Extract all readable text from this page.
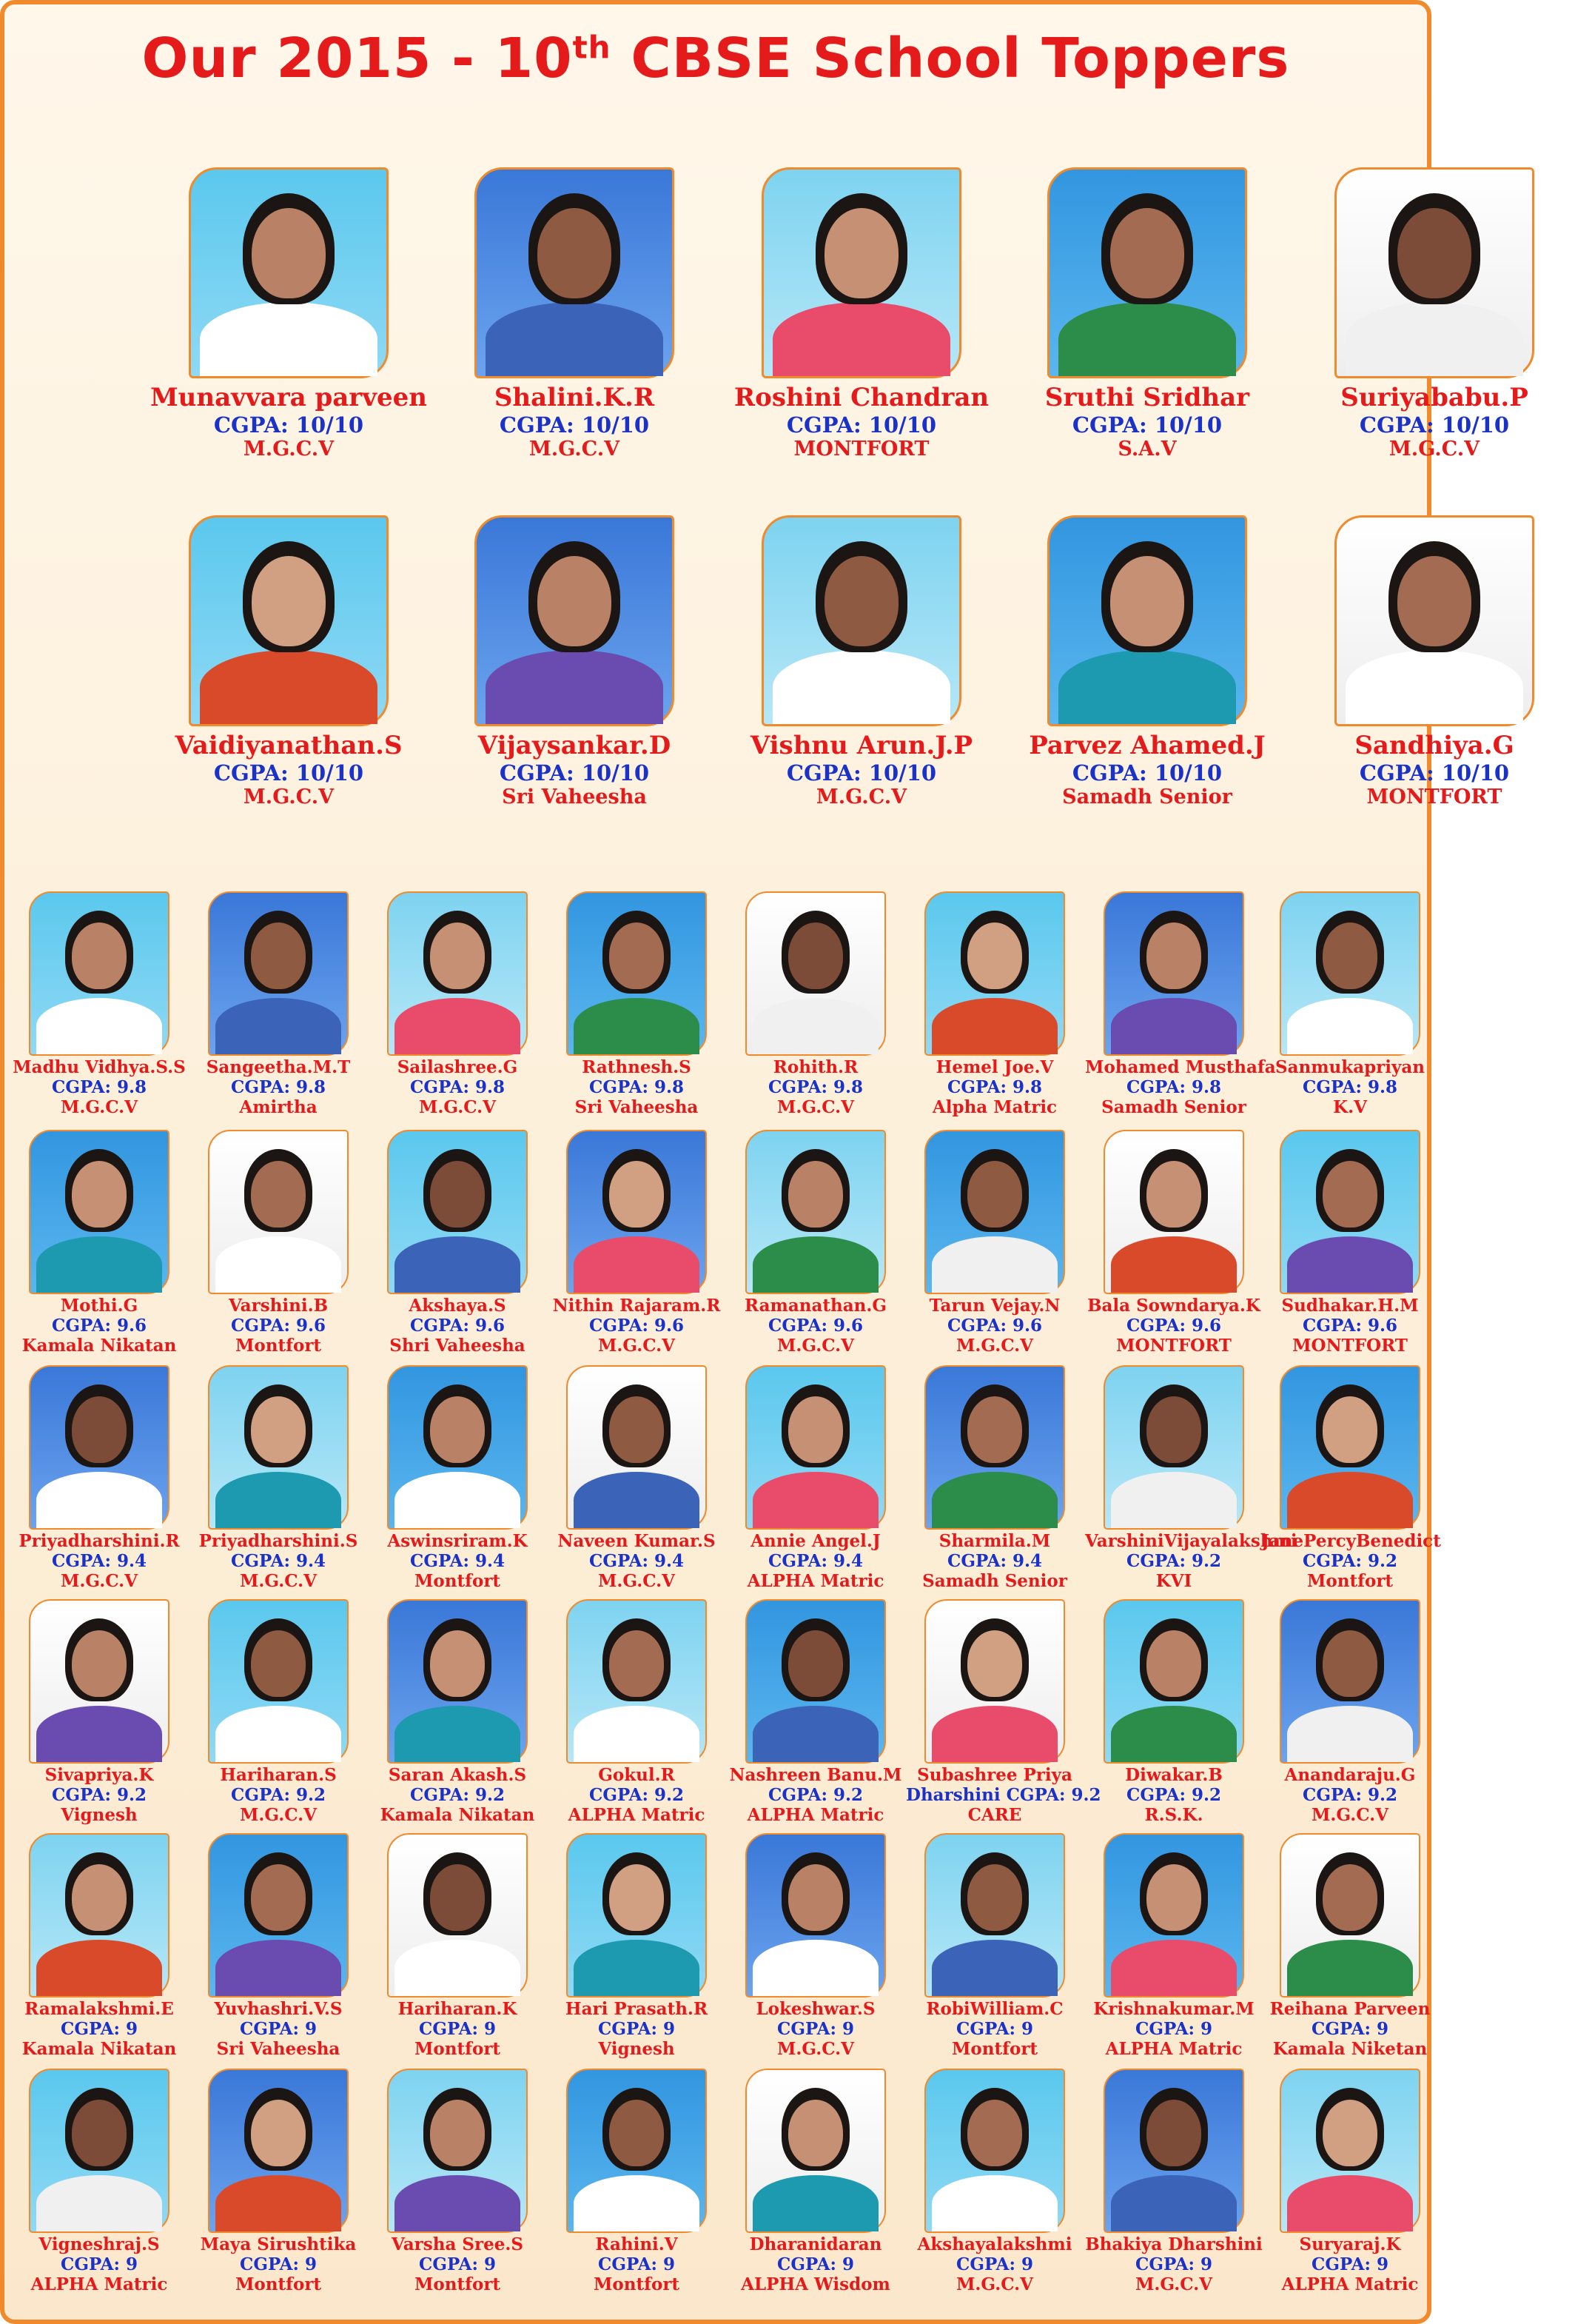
Our 2015 - 10th CBSE School Toppers
Munavvara parveen
CGPA: 10/10
M.G.C.V
Shalini.K.R
CGPA: 10/10
M.G.C.V
Roshini Chandran
CGPA: 10/10
MONTFORT
Sruthi Sridhar
CGPA: 10/10
S.A.V
Suriyababu.P
CGPA: 10/10
M.G.C.V
Vaidiyanathan.S
CGPA: 10/10
M.G.C.V
Vijaysankar.D
CGPA: 10/10
Sri Vaheesha
Vishnu Arun.J.P
CGPA: 10/10
M.G.C.V
Parvez Ahamed.J
CGPA: 10/10
Samadh Senior
Sandhiya.G
CGPA: 10/10
MONTFORT
Madhu Vidhya.S.S
CGPA: 9.8
M.G.C.V
Sangeetha.M.T
CGPA: 9.8
Amirtha
Sailashree.G
CGPA: 9.8
M.G.C.V
Rathnesh.S
CGPA: 9.8
Sri Vaheesha
Rohith.R
CGPA: 9.8
M.G.C.V
Hemel Joe.V
CGPA: 9.8
Alpha Matric
Mohamed Musthafa
CGPA: 9.8
Samadh Senior
Sanmukapriyan
CGPA: 9.8
K.V
Mothi.G
CGPA: 9.6
Kamala Nikatan
Varshini.B
CGPA: 9.6
Montfort
Akshaya.S
CGPA: 9.6
Shri Vaheesha
Nithin Rajaram.R
CGPA: 9.6
M.G.C.V
Ramanathan.G
CGPA: 9.6
M.G.C.V
Tarun Vejay.N
CGPA: 9.6
M.G.C.V
Bala Sowndarya.K
CGPA: 9.6
MONTFORT
Sudhakar.H.M
CGPA: 9.6
MONTFORT
Priyadharshini.R
CGPA: 9.4
M.G.C.V
Priyadharshini.S
CGPA: 9.4
M.G.C.V
Aswinsriram.K
CGPA: 9.4
Montfort
Naveen Kumar.S
CGPA: 9.4
M.G.C.V
Annie Angel.J
CGPA: 9.4
ALPHA Matric
Sharmila.M
CGPA: 9.4
Samadh Senior
VarshiniVijayalakshmi
CGPA: 9.2
KVI
JanePercyBenedict
CGPA: 9.2
Montfort
Sivapriya.K
CGPA: 9.2
Vignesh
Hariharan.S
CGPA: 9.2
M.G.C.V
Saran Akash.S
CGPA: 9.2
Kamala Nikatan
Gokul.R
CGPA: 9.2
ALPHA Matric
Nashreen Banu.M
CGPA: 9.2
ALPHA Matric
Subashree Priya
Dharshini CGPA: 9.2
CARE
Diwakar.B
CGPA: 9.2
R.S.K.
Anandaraju.G
CGPA: 9.2
M.G.C.V
Ramalakshmi.E
CGPA: 9
Kamala Nikatan
Yuvhashri.V.S
CGPA: 9
Sri Vaheesha
Hariharan.K
CGPA: 9
Montfort
Hari Prasath.R
CGPA: 9
Vignesh
Lokeshwar.S
CGPA: 9
M.G.C.V
RobiWilliam.C
CGPA: 9
Montfort
Krishnakumar.M
CGPA: 9
ALPHA Matric
Reihana Parveen
CGPA: 9
Kamala Niketan
Vigneshraj.S
CGPA: 9
ALPHA Matric
Maya Sirushtika
CGPA: 9
Montfort
Varsha Sree.S
CGPA: 9
Montfort
Rahini.V
CGPA: 9
Montfort
Dharanidaran
CGPA: 9
ALPHA Wisdom
Akshayalakshmi
CGPA: 9
M.G.C.V
Bhakiya Dharshini
CGPA: 9
M.G.C.V
Suryaraj.K
CGPA: 9
ALPHA Matric
